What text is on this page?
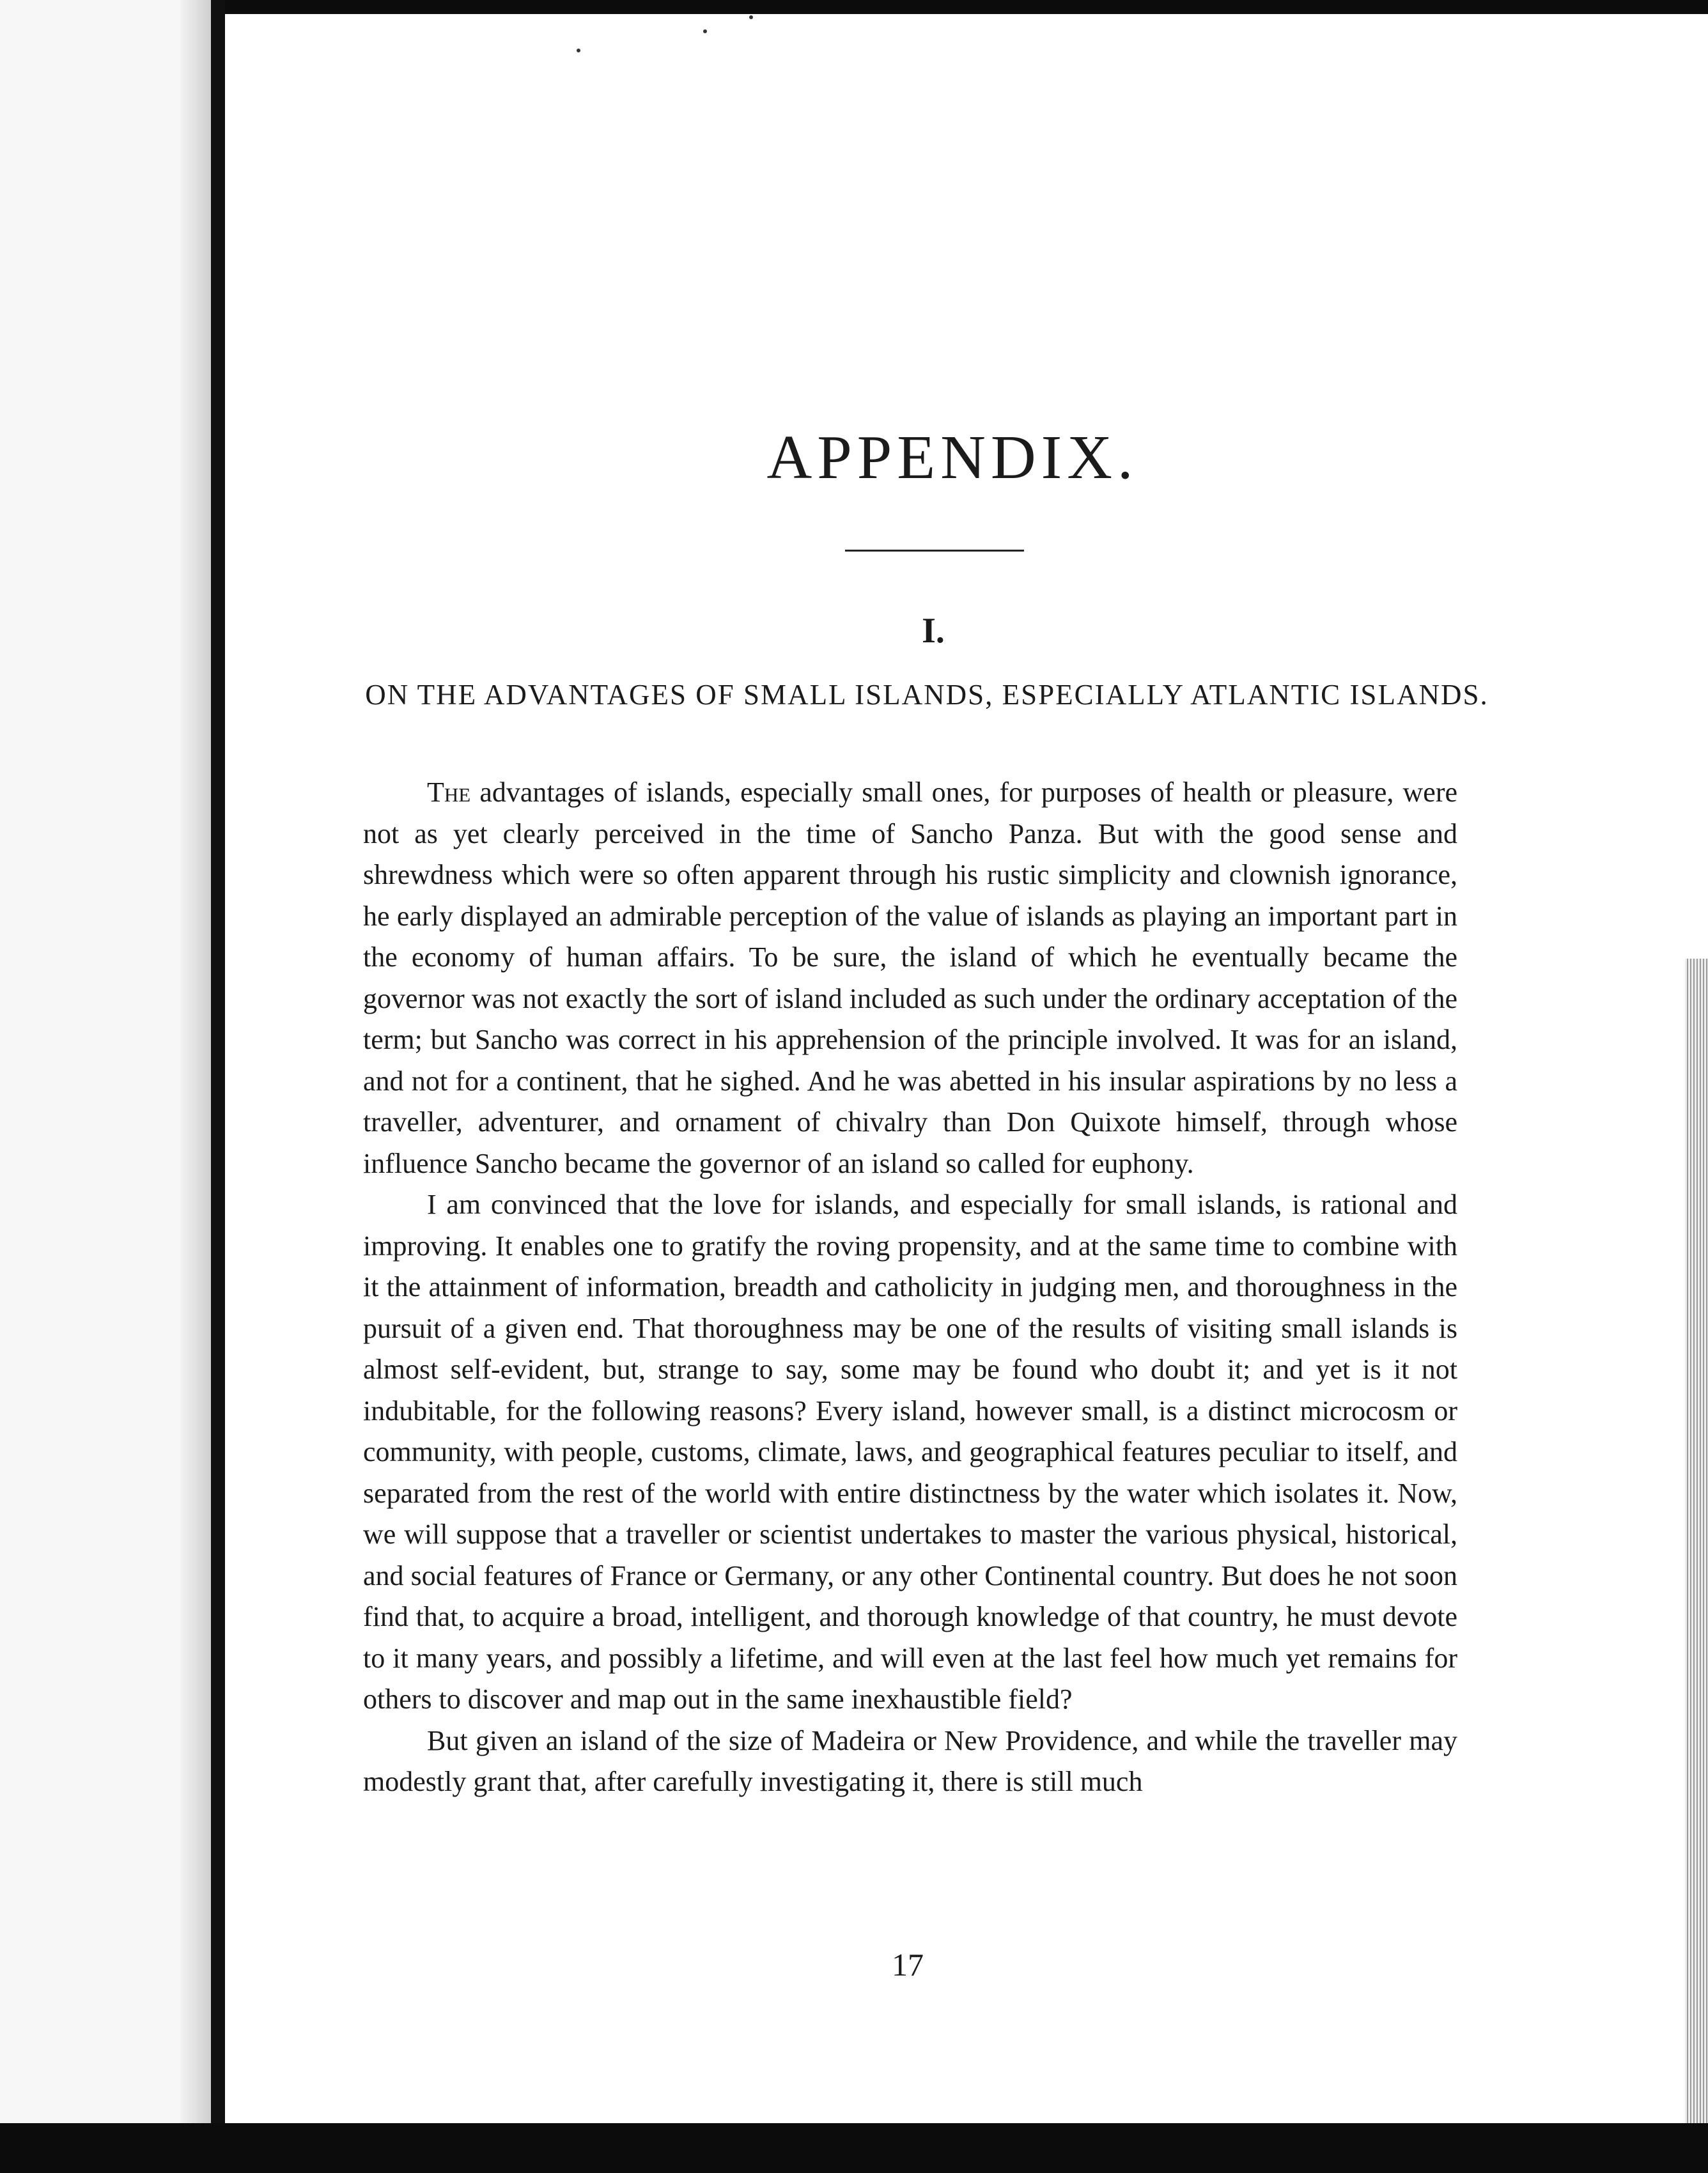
APPENDIX.
I.
ON THE ADVANTAGES OF SMALL ISLANDS, ESPECIALLY ATLANTIC ISLANDS.

The advantages of islands, especially small ones, for purposes of health or pleasure, were not as yet clearly perceived in the time of Sancho Panza. But with the good sense and shrewdness which were so often apparent through his rustic simplicity and clownish ignorance, he early displayed an admirable perception of the value of islands as playing an important part in the economy of human affairs. To be sure, the island of which he eventually became the governor was not exactly the sort of island included as such under the ordinary acceptation of the term; but Sancho was correct in his apprehension of the principle involved. It was for an island, and not for a continent, that he sighed. And he was abetted in his insular aspirations by no less a traveller, adventurer, and ornament of chivalry than Don Quixote himself, through whose influence Sancho became the governor of an island so called for euphony.

I am convinced that the love for islands, and especially for small islands, is rational and improving. It enables one to gratify the roving propensity, and at the same time to combine with it the attainment of information, breadth and catholicity in judging men, and thoroughness in the pursuit of a given end. That thoroughness may be one of the results of visiting small islands is almost self-evident, but, strange to say, some may be found who doubt it; and yet is it not indubitable, for the following reasons? Every island, however small, is a distinct microcosm or community, with people, customs, climate, laws, and geographical features peculiar to itself, and separated from the rest of the world with entire distinctness by the water which isolates it. Now, we will suppose that a traveller or scientist undertakes to master the various physical, historical, and social features of France or Germany, or any other Continental country. But does he not soon find that, to acquire a broad, intelligent, and thorough knowledge of that country, he must devote to it many years, and possibly a lifetime, and will even at the last feel how much yet remains for others to discover and map out in the same inexhaustible field?

But given an island of the size of Madeira or New Providence, and while the traveller may modestly grant that, after carefully investigating it, there is still much

17
